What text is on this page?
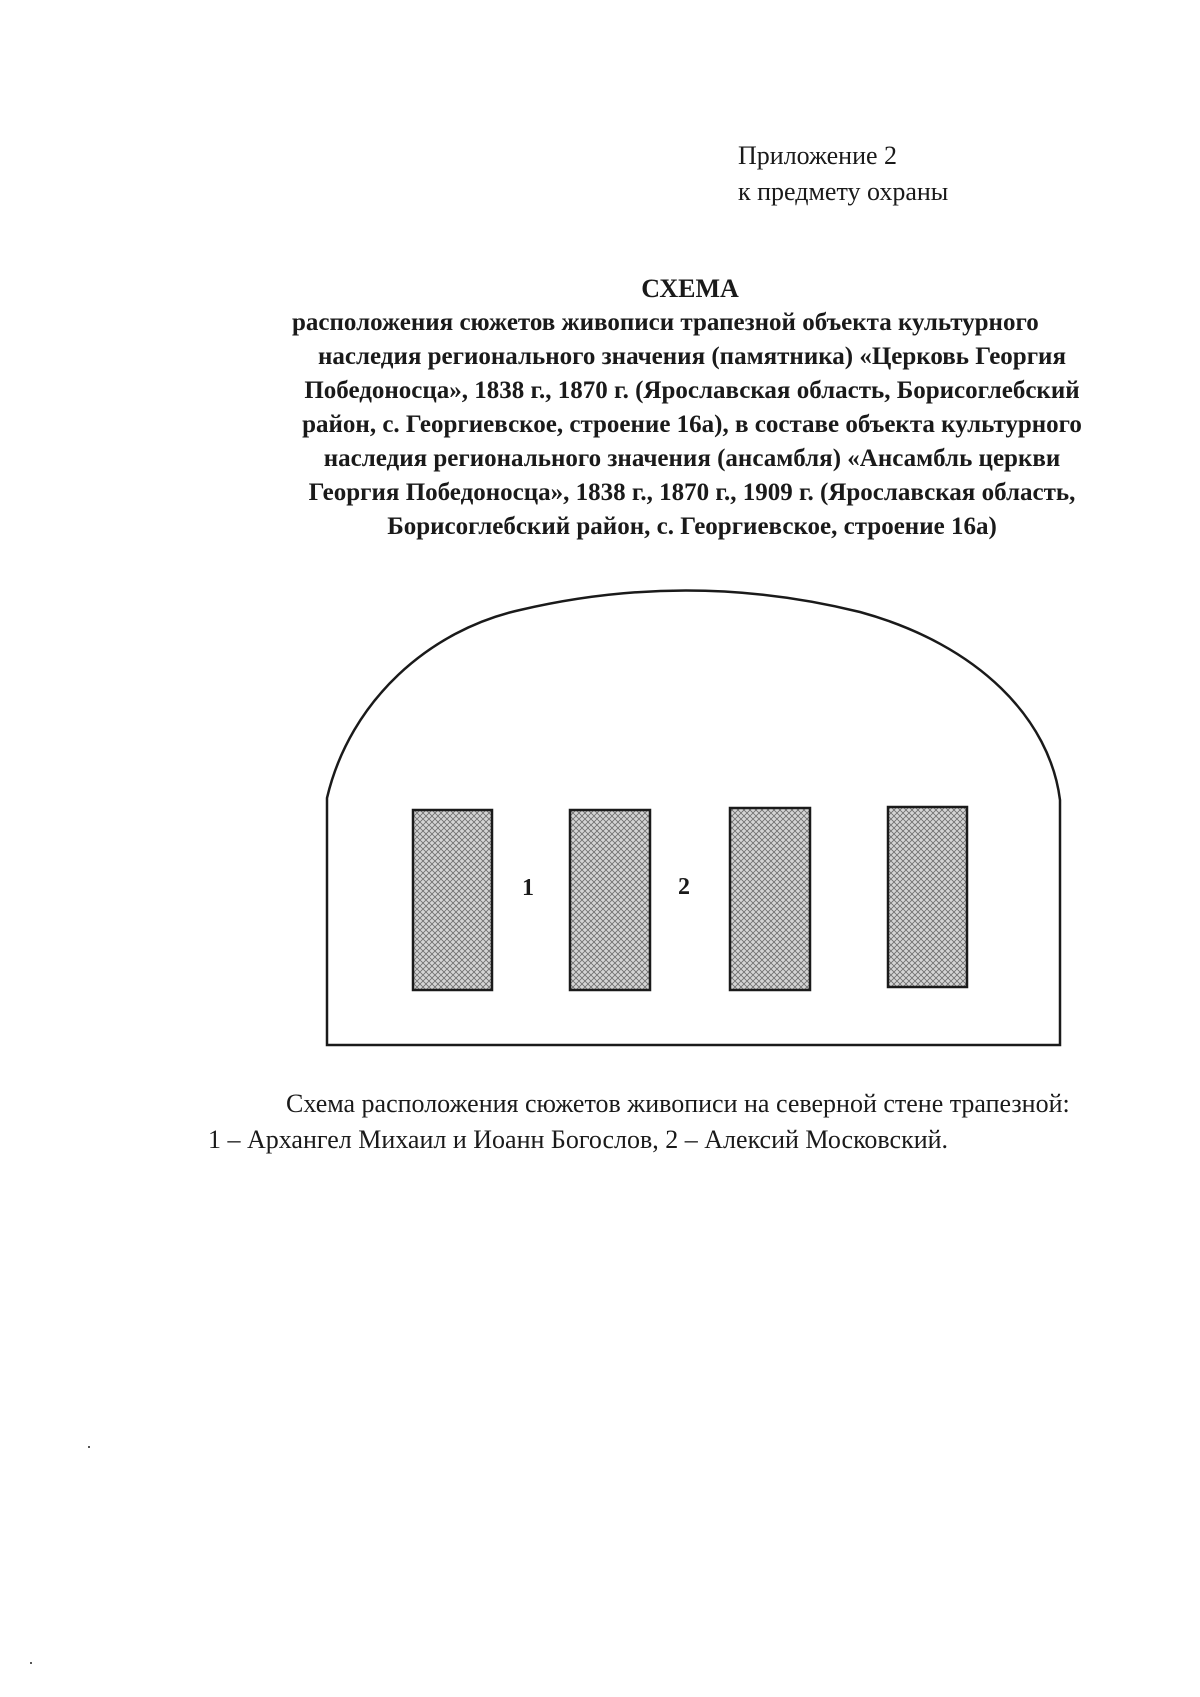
Приложение 2
к предмету охраны
СХЕМА
расположения сюжетов живописи трапезной объекта культурного
наследия регионального значения (памятника) «Церковь Георгия
Победоносца», 1838 г., 1870 г. (Ярославская область, Борисоглебский
район, с. Георгиевское, строение 16а), в составе объекта культурного
наследия регионального значения (ансамбля) «Ансамбль церкви
Георгия Победоносца», 1838 г., 1870 г., 1909 г. (Ярославская область,
Борисоглебский район, с. Георгиевское, строение 16а)
1	2
Схема расположения сюжетов живописи на северной стене трапезной:
1 – Архангел Михаил и Иоанн Богослов, 2 – Алексий Московский.
